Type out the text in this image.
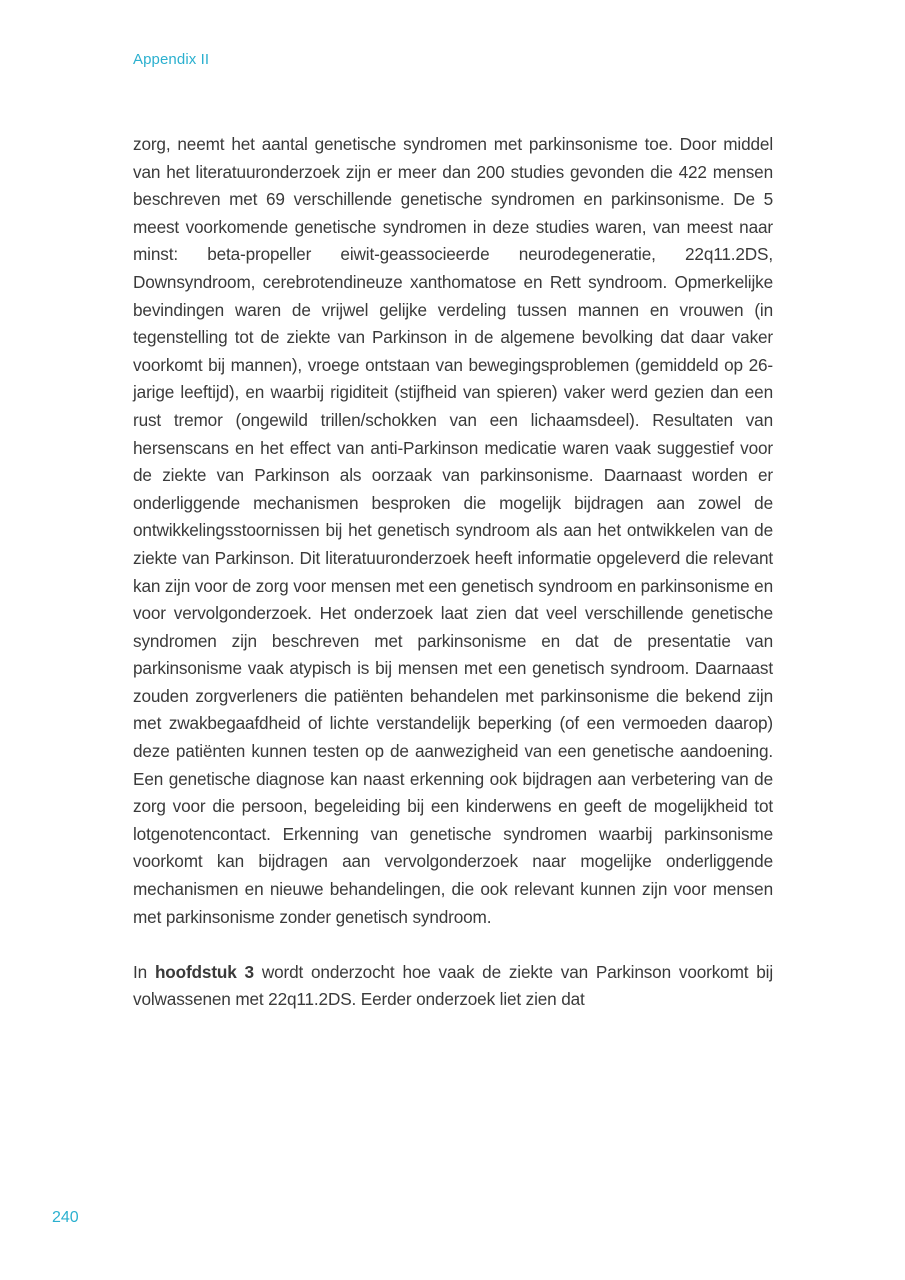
Appendix II

zorg, neemt het aantal genetische syndromen met parkinsonisme toe. Door middel van het literatuuronderzoek zijn er meer dan 200 studies gevonden die 422 mensen beschreven met 69 verschillende genetische syndromen en parkinsonisme. De 5 meest voorkomende genetische syndromen in deze studies waren, van meest naar minst: beta-propeller eiwit-geassocieerde neurodegeneratie, 22q11.2DS, Downsyndroom, cerebrotendineuze xanthomatose en Rett syndroom. Opmerkelijke bevindingen waren de vrijwel gelijke verdeling tussen mannen en vrouwen (in tegenstelling tot de ziekte van Parkinson in de algemene bevolking dat daar vaker voorkomt bij mannen), vroege ontstaan van bewegingsproblemen (gemiddeld op 26-jarige leeftijd), en waarbij rigiditeit (stijfheid van spieren) vaker werd gezien dan een rust tremor (ongewild trillen/schokken van een lichaamsdeel). Resultaten van hersenscans en het effect van anti-Parkinson medicatie waren vaak suggestief voor de ziekte van Parkinson als oorzaak van parkinsonisme. Daarnaast worden er onderliggende mechanismen besproken die mogelijk bijdragen aan zowel de ontwikkelingsstoornissen bij het genetisch syndroom als aan het ontwikkelen van de ziekte van Parkinson. Dit literatuuronderzoek heeft informatie opgeleverd die relevant kan zijn voor de zorg voor mensen met een genetisch syndroom en parkinsonisme en voor vervolgonderzoek. Het onderzoek laat zien dat veel verschillende genetische syndromen zijn beschreven met parkinsonisme en dat de presentatie van parkinsonisme vaak atypisch is bij mensen met een genetisch syndroom. Daarnaast zouden zorgverleners die patiënten behandelen met parkinsonisme die bekend zijn met zwakbegaafdheid of lichte verstandelijk beperking (of een vermoeden daarop) deze patiënten kunnen testen op de aanwezigheid van een genetische aandoening. Een genetische diagnose kan naast erkenning ook bijdragen aan verbetering van de zorg voor die persoon, begeleiding bij een kinderwens en geeft de mogelijkheid tot lotgenotencontact. Erkenning van genetische syndromen waarbij parkinsonisme voorkomt kan bijdragen aan vervolgonderzoek naar mogelijke onderliggende mechanismen en nieuwe behandelingen, die ook relevant kunnen zijn voor mensen met parkinsonisme zonder genetisch syndroom.

In hoofdstuk 3 wordt onderzocht hoe vaak de ziekte van Parkinson voorkomt bij volwassenen met 22q11.2DS. Eerder onderzoek liet zien dat

240
